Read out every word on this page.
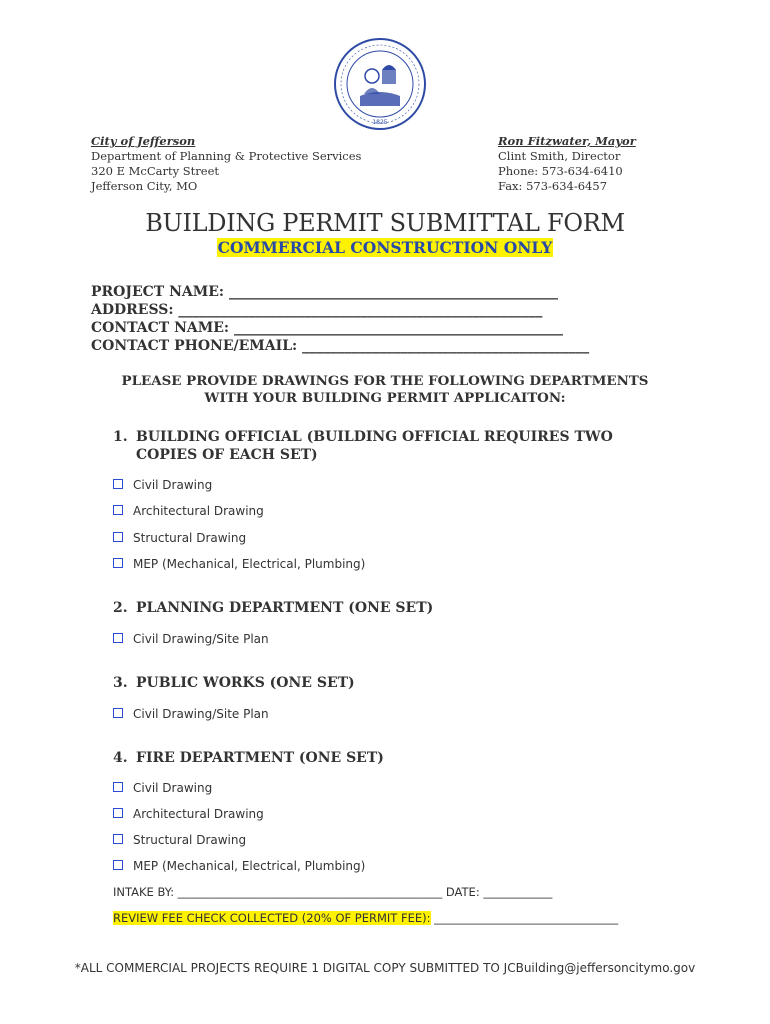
1825
City of Jefferson
Department of Planning & Protective Services
320 E McCarty Street
Jefferson City, MO
Ron Fitzwater, Mayor
Clint Smith, Director
Phone: 573-634-6410
Fax: 573-634-6457
BUILDING PERMIT SUBMITTAL FORM
COMMERCIAL CONSTRUCTION ONLY
PROJECT NAME: _______________________________________________
ADDRESS: ____________________________________________________
CONTACT NAME: _______________________________________________
CONTACT PHONE/EMAIL: _________________________________________
PLEASE PROVIDE DRAWINGS FOR THE FOLLOWING DEPARTMENTS
WITH YOUR BUILDING PERMIT APPLICAITON:
1. BUILDING OFFICIAL (BUILDING OFFICIAL REQUIRES TWO
COPIES OF EACH SET)
Civil Drawing
Architectural Drawing
Structural Drawing
MEP (Mechanical, Electrical, Plumbing)
2. PLANNING DEPARTMENT (ONE SET)
Civil Drawing/Site Plan
3. PUBLIC WORKS (ONE SET)
Civil Drawing/Site Plan
4. FIRE DEPARTMENT (ONE SET)
Civil Drawing
Architectural Drawing
Structural Drawing
MEP (Mechanical, Electrical, Plumbing)
INTAKE BY: ______________________________________________ DATE: ____________
REVIEW FEE CHECK COLLECTED (20% OF PERMIT FEE): ________________________________
*ALL COMMERCIAL PROJECTS REQUIRE 1 DIGITAL COPY SUBMITTED TO JCBuilding@jeffersoncitymo.gov
